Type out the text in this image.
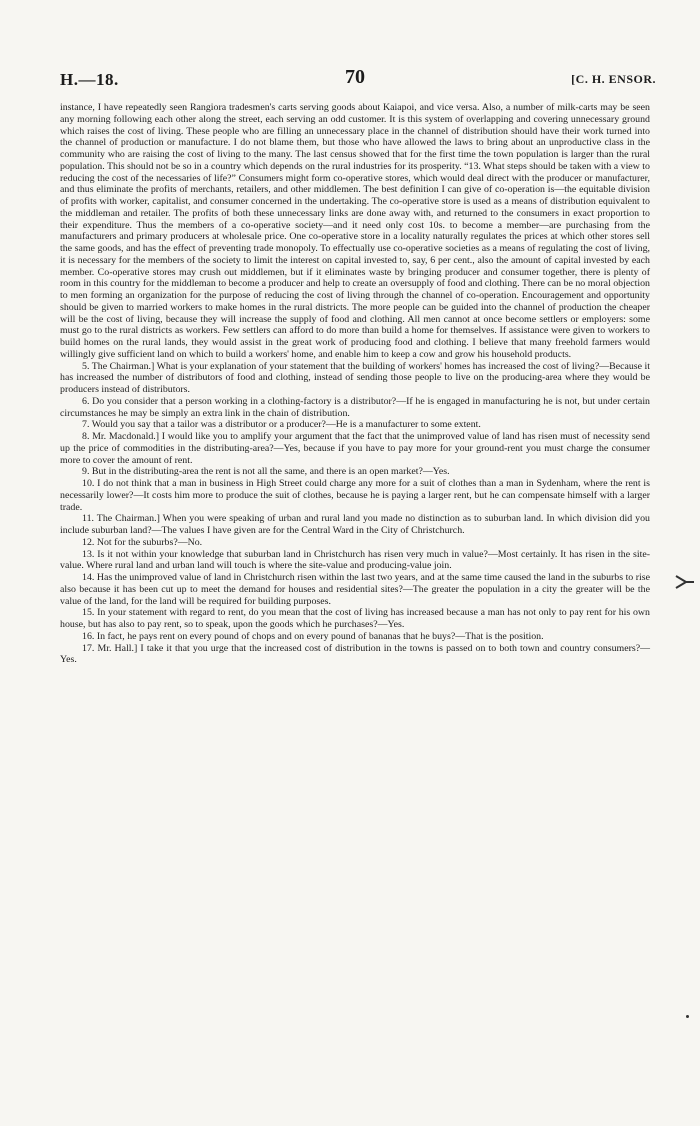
H.—18.	70	[C. H. ENSOR.

instance, I have repeatedly seen Rangiora tradesmen's carts serving goods about Kaiapoi, and vice versa. Also, a number of milk-carts may be seen any morning following each other along the street, each serving an odd customer. It is this system of overlapping and covering unnecessary ground which raises the cost of living. These people who are filling an unnecessary place in the channel of distribution should have their work turned into the channel of production or manufacture. I do not blame them, but those who have allowed the laws to bring about an unproductive class in the community who are raising the cost of living to the many. The last census showed that for the first time the town population is larger than the rural population. This should not be so in a country which depends on the rural industries for its prosperity. “13. What steps should be taken with a view to reducing the cost of the necessaries of life?” Consumers might form co-operative stores, which would deal direct with the producer or manufacturer, and thus eliminate the profits of merchants, retailers, and other middlemen. The best definition I can give of co-operation is—the equitable division of profits with worker, capitalist, and consumer concerned in the undertaking. The co-operative store is used as a means of distribution equivalent to the middleman and retailer. The profits of both these unnecessary links are done away with, and returned to the consumers in exact proportion to their expenditure. Thus the members of a co-operative society—and it need only cost 10s. to become a member—are purchasing from the manufacturers and primary producers at wholesale price. One co-operative store in a locality naturally regulates the prices at which other stores sell the same goods, and has the effect of preventing trade monopoly. To effectually use co-operative societies as a means of regulating the cost of living, it is necessary for the members of the society to limit the interest on capital invested to, say, 6 per cent., also the amount of capital invested by each member. Co-operative stores may crush out middlemen, but if it eliminates waste by bringing producer and consumer together, there is plenty of room in this country for the middleman to become a producer and help to create an oversupply of food and clothing. There can be no moral objection to men forming an organization for the purpose of reducing the cost of living through the channel of co-operation. Encouragement and opportunity should be given to married workers to make homes in the rural districts. The more people can be guided into the channel of production the cheaper will be the cost of living, because they will increase the supply of food and clothing. All men cannot at once become settlers or employers: some must go to the rural districts as workers. Few settlers can afford to do more than build a home for themselves. If assistance were given to workers to build homes on the rural lands, they would assist in the great work of producing food and clothing. I believe that many freehold farmers would willingly give sufficient land on which to build a workers' home, and enable him to keep a cow and grow his household products.

5. The Chairman.] What is your explanation of your statement that the building of workers' homes has increased the cost of living?—Because it has increased the number of distributors of food and clothing, instead of sending those people to live on the producing-area where they would be producers instead of distributors.

6. Do you consider that a person working in a clothing-factory is a distributor?—If he is engaged in manufacturing he is not, but under certain circumstances he may be simply an extra link in the chain of distribution.

7. Would you say that a tailor was a distributor or a producer?—He is a manufacturer to some extent.

8. Mr. Macdonald.] I would like you to amplify your argument that the fact that the unimproved value of land has risen must of necessity send up the price of commodities in the distributing-area?—Yes, because if you have to pay more for your ground-rent you must charge the consumer more to cover the amount of rent.

9. But in the distributing-area the rent is not all the same, and there is an open market?—Yes.

10. I do not think that a man in business in High Street could charge any more for a suit of clothes than a man in Sydenham, where the rent is necessarily lower?—It costs him more to produce the suit of clothes, because he is paying a larger rent, but he can compensate himself with a larger trade.

11. The Chairman.] When you were speaking of urban and rural land you made no distinction as to suburban land. In which division did you include suburban land?—The values I have given are for the Central Ward in the City of Christchurch.

12. Not for the suburbs?—No.

13. Is it not within your knowledge that suburban land in Christchurch has risen very much in value?—Most certainly. It has risen in the site-value. Where rural land and urban land will touch is where the site-value and producing-value join.

14. Has the unimproved value of land in Christchurch risen within the last two years, and at the same time caused the land in the suburbs to rise also because it has been cut up to meet the demand for houses and residential sites?—The greater the population in a city the greater will be the value of the land, for the land will be required for building purposes.

15. In your statement with regard to rent, do you mean that the cost of living has increased because a man has not only to pay rent for his own house, but has also to pay rent, so to speak, upon the goods which he purchases?—Yes.

16. In fact, he pays rent on every pound of chops and on every pound of bananas that he buys?—That is the position.

17. Mr. Hall.] I take it that you urge that the increased cost of distribution in the towns is passed on to both town and country consumers?—Yes.
